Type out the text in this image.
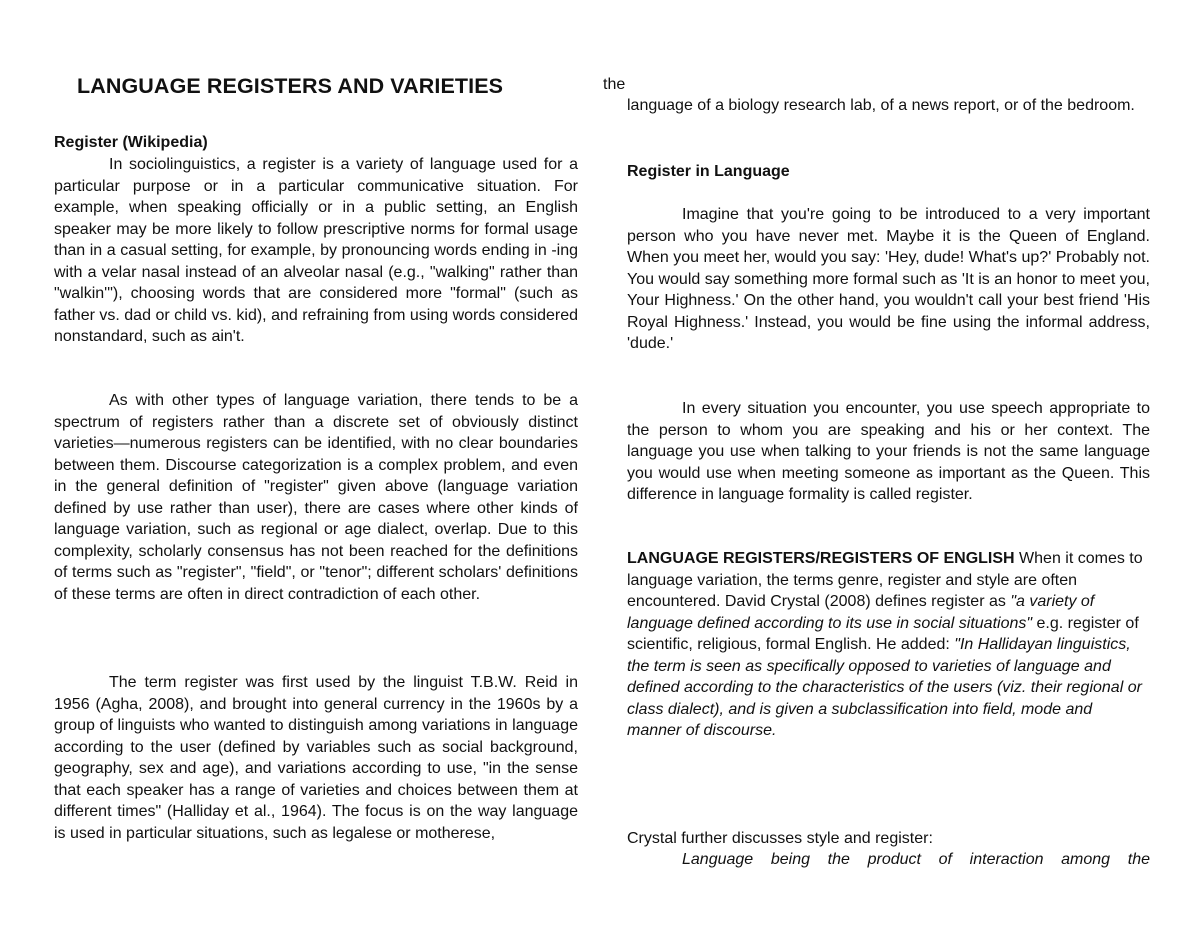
LANGUAGE REGISTERS AND VARIETIES

Register (Wikipedia)

In sociolinguistics, a register is a variety of language used for a particular purpose or in a particular communicative situation. For example, when speaking officially or in a public setting, an English speaker may be more likely to follow prescriptive norms for formal usage than in a casual setting, for example, by pronouncing words ending in -ing with a velar nasal instead of an alveolar nasal (e.g., "walking" rather than "walkin'"), choosing words that are considered more "formal" (such as father vs. dad or child vs. kid), and refraining from using words considered nonstandard, such as ain't.

As with other types of language variation, there tends to be a spectrum of registers rather than a discrete set of obviously distinct varieties—numerous registers can be identified, with no clear boundaries between them. Discourse categorization is a complex problem, and even in the general definition of "register" given above (language variation defined by use rather than user), there are cases where other kinds of language variation, such as regional or age dialect, overlap. Due to this complexity, scholarly consensus has not been reached for the definitions of terms such as "register", "field", or "tenor"; different scholars' definitions of these terms are often in direct contradiction of each other.

The term register was first used by the linguist T.B.W. Reid in 1956 (Agha, 2008), and brought into general currency in the 1960s by a group of linguists who wanted to distinguish among variations in language according to the user (defined by variables such as social background, geography, sex and age), and variations according to use, "in the sense that each speaker has a range of varieties and choices between them at different times" (Halliday et al., 1964). The focus is on the way language is used in particular situations, such as legalese or motherese,

the

language of a biology research lab, of a news report, or of the bedroom.

Register in Language

Imagine that you're going to be introduced to a very important person who you have never met. Maybe it is the Queen of England. When you meet her, would you say: 'Hey, dude! What's up?' Probably not. You would say something more formal such as 'It is an honor to meet you, Your Highness.' On the other hand, you wouldn't call your best friend 'His Royal Highness.' Instead, you would be fine using the informal address, 'dude.'

In every situation you encounter, you use speech appropriate to the person to whom you are speaking and his or her context. The language you use when talking to your friends is not the same language you would use when meeting someone as important as the Queen. This difference in language formality is called register.

LANGUAGE REGISTERS/REGISTERS OF ENGLISH When it comes to language variation, the terms genre, register and style are often encountered. David Crystal (2008) defines register as "a variety of language defined according to its use in social situations" e.g. register of scientific, religious, formal English. He added: "In Hallidayan linguistics, the term is seen as specifically opposed to varieties of language and defined according to the characteristics of the users (viz. their regional or class dialect), and is given a subclassification into field, mode and manner of discourse.

Crystal further discusses style and register:

Language being the product of interaction among the
